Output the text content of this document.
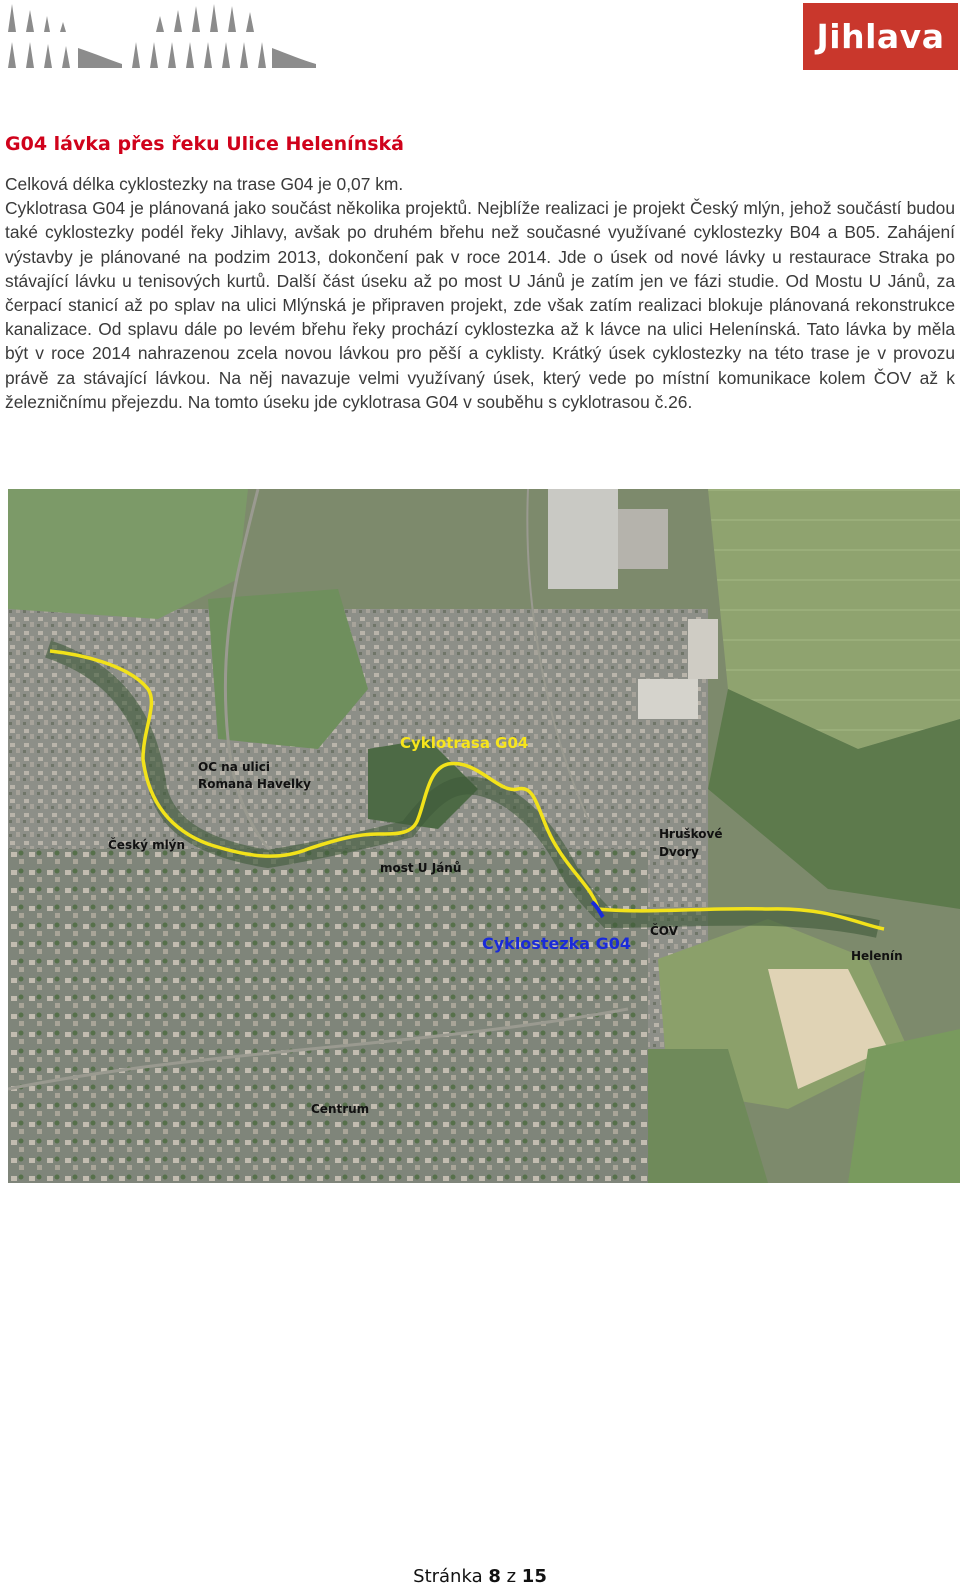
Jihlava
G04 lávka přes řeku Ulice Helenínská

Celková délka cyklostezky na trase G04 je 0,07 km.

Cyklotrasa G04 je plánovaná jako součást několika projektů. Nejblíže realizaci je projekt Český mlýn, jehož součástí budou také cyklostezky podél řeky Jihlavy, avšak po druhém břehu než současné využívané cyklostezky B04 a B05. Zahájení výstavby je plánované na podzim 2013, dokončení pak v roce 2014. Jde o úsek od nové lávky u restaurace Straka po stávající lávku u tenisových kurtů. Další část úseku až po most U Jánů je zatím jen ve fázi studie. Od Mostu U Jánů, za čerpací stanicí až po splav na ulici Mlýnská je připraven projekt, zde však zatím realizaci blokuje plánovaná rekonstrukce kanalizace. Od splavu dále po levém břehu řeky prochází cyklostezka až k lávce na ulici Helenínská. Tato lávka by měla být v roce 2014 nahrazenou zcela novou lávkou pro pěší a cyklisty. Krátký úsek cyklostezky na této trase je v provozu právě za stávající lávkou. Na něj navazuje velmi využívaný úsek, který vede po místní komunikace kolem ČOV až k železničnímu přejezdu. Na tomto úseku jde cyklotrasa G04 v souběhu s cyklotrasou č.26.

Cyklotrasa G04
OC na ulici
Romana Havelky
Český mlýn
most U Jánů
Hruškové
Dvory
ČOV
Cyklostezka G04
Helenín
Centrum
Stránka 8 z 15
